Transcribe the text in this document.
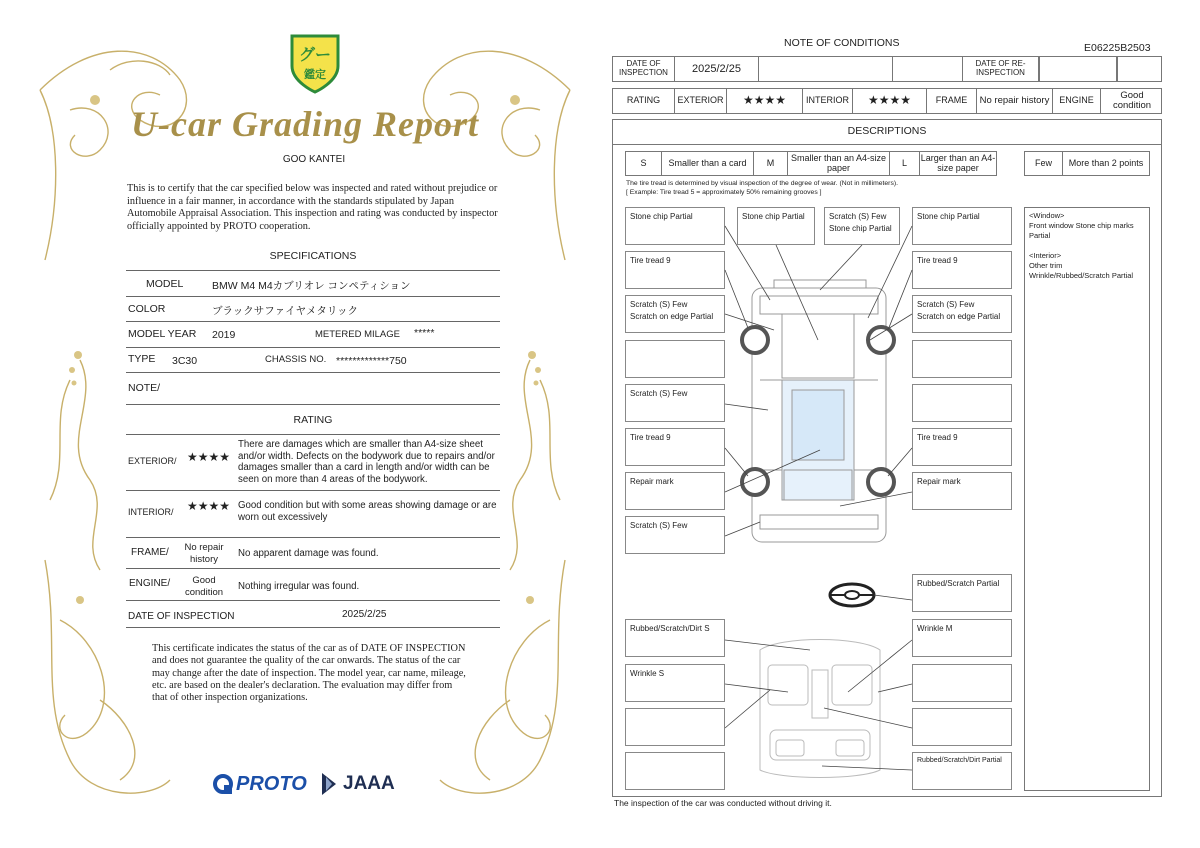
グー
鑑定
U-car Grading Report
GOO KANTEI
This is to certify that the car specified below was inspected and rated without prejudice or influence in a fair manner, in accordance with the standards stipulated by Japan Automobile Appraisal Association. This inspection and rating was conducted by inspector officially appointed by PROTO cooperation.
SPECIFICATIONS
MODEL	BMW M4 M4カブリオレ コンペティション
COLOR	ブラックサファイヤメタリック
MODEL YEAR 2019	METERED MILAGE *****
TYPE 3C30	CHASSIS NO. *************750
NOTE/
RATING
EXTERIOR/ ★★★★
There are damages which are smaller than A4-size sheet and/or width. Defects on the bodywork due to repairs and/or damages smaller than a card in length and/or width can be seen on more than 4 areas of the bodywork.
INTERIOR/ ★★★★ Good condition but with some areas showing damage or are worn out excessively
FRAME/	No repair history	No apparent damage was found.
ENGINE/	Good condition	Nothing irregular was found.
DATE OF INSPECTION	2025/2/25
This certificate indicates the status of the car as of DATE OF INSPECTION and does not guarantee the quality of the car onwards. The status of the car may change after the date of inspection. The model year, car name, mileage, etc. are based on the dealer's declaration. The evaluation may differ from that of other inspection organizations.
PROTO JAAA
NOTE OF CONDITIONS	E06225B2503
DATE OF INSPECTION	2025/2/25	DATE OF RE-INSPECTION
RATING	EXTERIOR	★★★★	INTERIOR	★★★★	FRAME	No repair history	ENGINE	Good condition
DESCRIPTIONS
S	Smaller than a card	M	Smaller than an A4-size paper	L	Larger than an A4-size paper	Few	More than 2 points
The tire tread is determined by visual inspection of the degree of wear. (Not in millimeters).
[ Example: Tire tread 5 = approximately 50% remaining grooves ]
<Window>
Front window Stone chip marks Partial
<Interior>
Other trim
Wrinkle/Rubbed/Scratch Partial
Stone chip Partial
Tire tread 9
Scratch (S) Few
Scratch on edge Partial
Scratch (S) Few
Tire tread 9
Repair mark
Scratch (S) Few
Stone chip Partial	Scratch (S) Few
Stone chip Partial
Stone chip Partial
Tire tread 9
Scratch (S) Few
Scratch on edge Partial
Tire tread 9
Repair mark
Rubbed/Scratch Partial
Rubbed/Scratch/Dirt S
Wrinkle S
Wrinkle M
Rubbed/Scratch/Dirt Partial
The inspection of the car was conducted without driving it.
